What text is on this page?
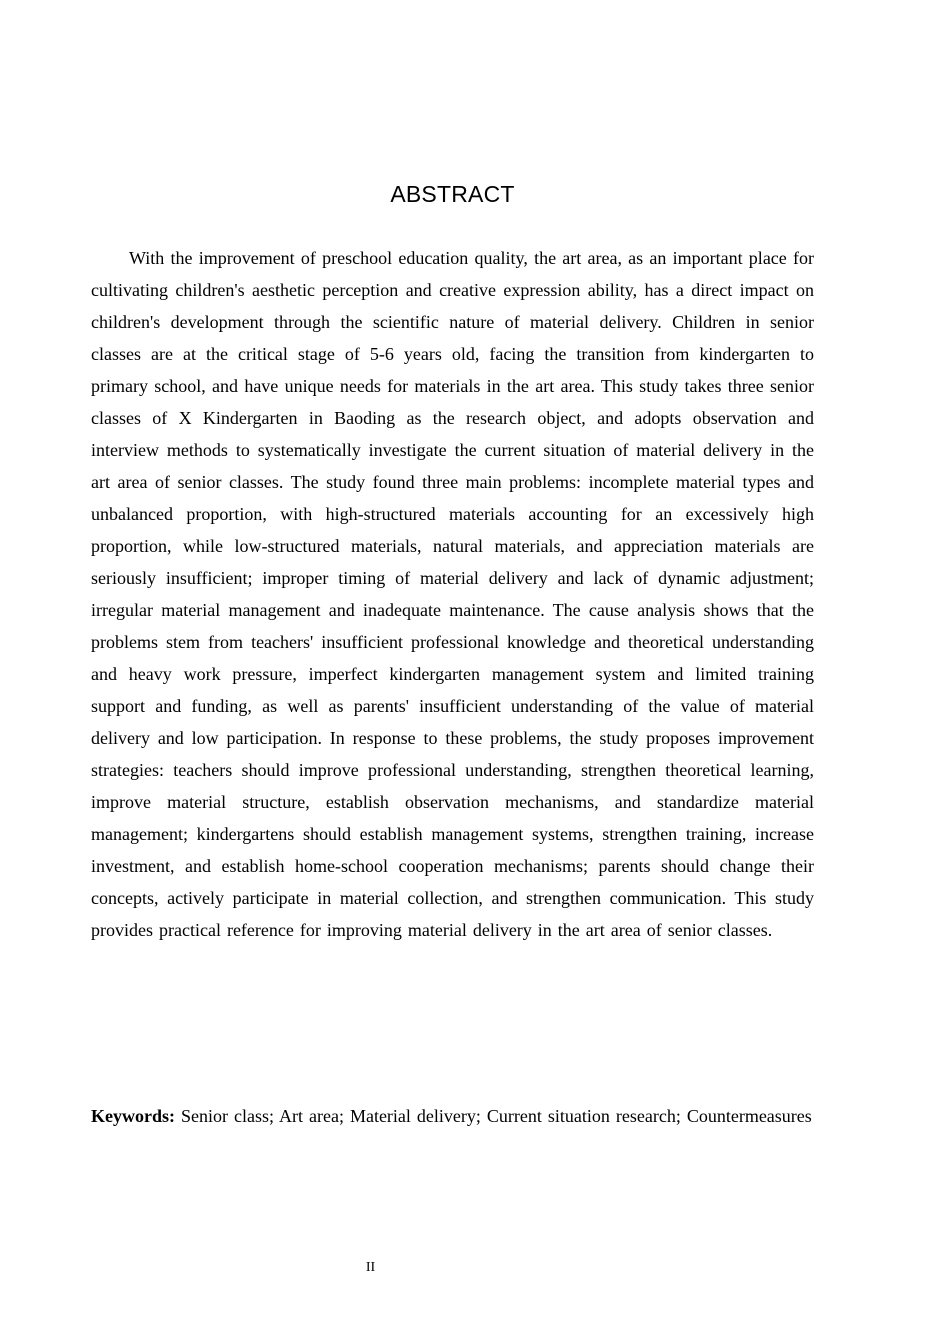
ABSTRACT

With the improvement of preschool education quality, the art area, as an important place for cultivating children's aesthetic perception and creative expression ability, has a direct impact on children's development through the scientific nature of material delivery. Children in senior classes are at the critical stage of 5-6 years old, facing the transition from kindergarten to primary school, and have unique needs for materials in the art area. This study takes three senior classes of X Kindergarten in Baoding as the research object, and adopts observation and interview methods to systematically investigate the current situation of material delivery in the art area of senior classes. The study found three main problems: incomplete material types and unbalanced proportion, with high-structured materials accounting for an excessively high proportion, while low-structured materials, natural materials, and appreciation materials are seriously insufficient; improper timing of material delivery and lack of dynamic adjustment; irregular material management and inadequate maintenance. The cause analysis shows that the problems stem from teachers' insufficient professional knowledge and theoretical understanding and heavy work pressure, imperfect kindergarten management system and limited training support and funding, as well as parents' insufficient understanding of the value of material delivery and low participation. In response to these problems, the study proposes improvement strategies: teachers should improve professional understanding, strengthen theoretical learning, improve material structure, establish observation mechanisms, and standardize material management; kindergartens should establish management systems, strengthen training, increase investment, and establish home-school cooperation mechanisms; parents should change their concepts, actively participate in material collection, and strengthen communication. This study provides practical reference for improving material delivery in the art area of senior classes.

Keywords: Senior class; Art area; Material delivery; Current situation research; Countermeasures

II
